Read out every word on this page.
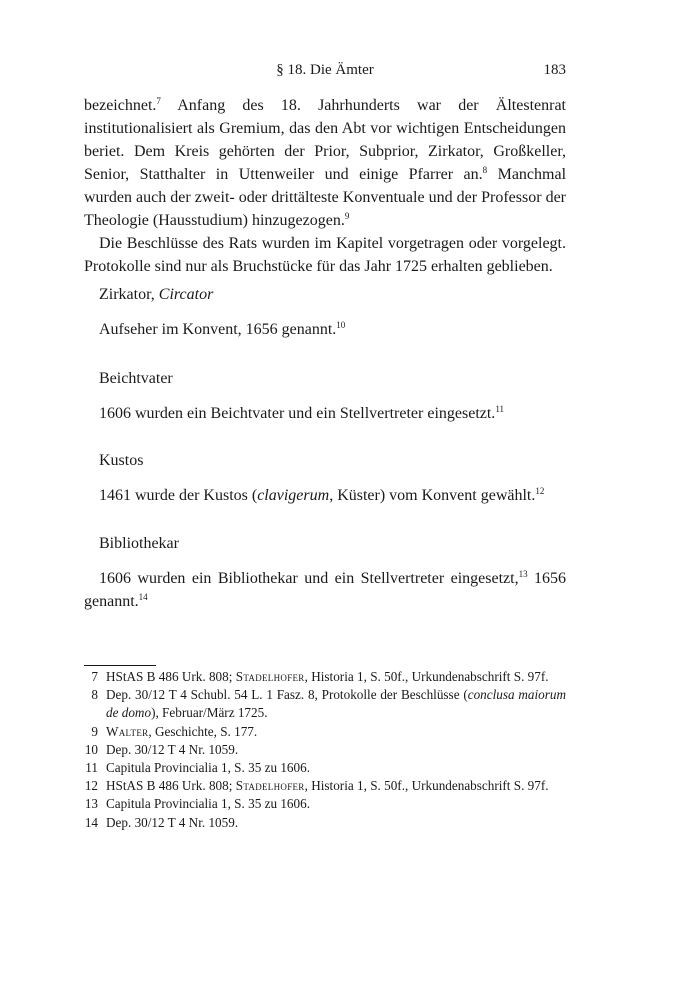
§ 18. Die Ämter	183

bezeichnet.$^7$ Anfang des 18. Jahrhunderts war der Ältestenrat institutionalisiert als Gremium, das den Abt vor wichtigen Entscheidungen beriet. Dem Kreis gehörten der Prior, Subprior, Zirkator, Großkeller, Senior, Statthalter in Uttenweiler und einige Pfarrer an.$^8$ Manchmal wurden auch der zweit- oder drittälteste Konventuale und der Professor der Theologie (Hausstudium) hinzugezogen.$^9$

Die Beschlüsse des Rats wurden im Kapitel vorgetragen oder vorgelegt. Protokolle sind nur als Bruchstücke für das Jahr 1725 erhalten geblieben.

Zirkator, Circator
Aufseher im Konvent, 1656 genannt.$^{10}$
Beichtvater
1606 wurden ein Beichtvater und ein Stellvertreter eingesetzt.$^{11}$
Kustos
1461 wurde der Kustos (clavigerum, Küster) vom Konvent gewählt.$^{12}$
Bibliothekar
1606 wurden ein Bibliothekar und ein Stellvertreter eingesetzt,$^{13}$ 1656 genannt.$^{14}$
7 HStAS B 486 Urk. 808; Stadelhofer, Historia 1, S. 50f., Urkundenabschrift S. 97f.
8 Dep. 30/12 T 4 Schubl. 54 L. 1 Fasz. 8, Protokolle der Beschlüsse (conclusa maiorum de domo), Februar/März 1725.
9 Walter, Geschichte, S. 177.
10 Dep. 30/12 T 4 Nr. 1059.
11 Capitula Provincialia 1, S. 35 zu 1606.
12 HStAS B 486 Urk. 808; Stadelhofer, Historia 1, S. 50f., Urkundenabschrift S. 97f.
13 Capitula Provincialia 1, S. 35 zu 1606.
14 Dep. 30/12 T 4 Nr. 1059.
